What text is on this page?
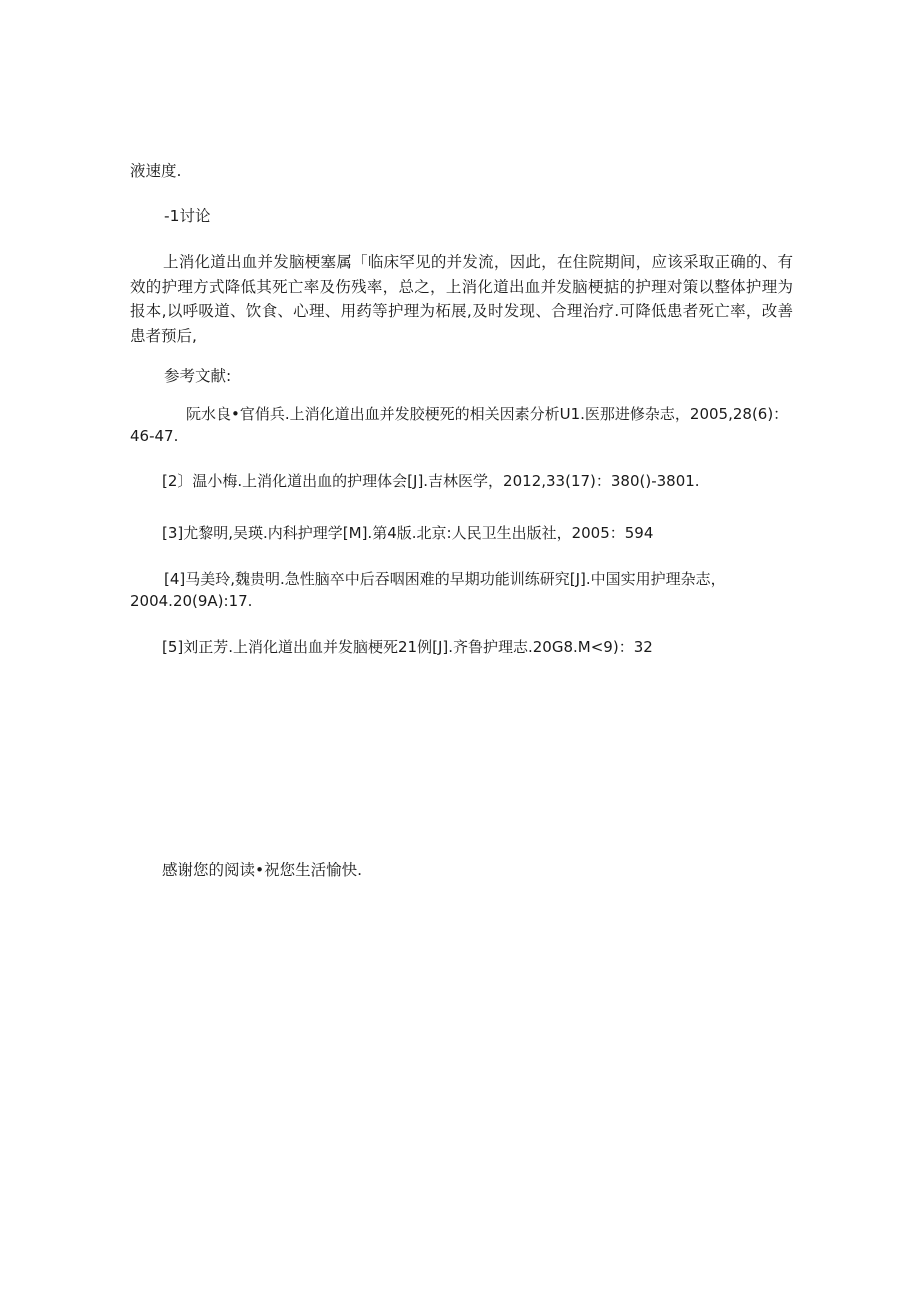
液速度.

-1讨论

上消化道出血并发脑梗塞属「临床罕见的并发流，因此，在住院期间，应该采取正确的、有效的护理方式降低其死亡率及伤残率，总之，上消化道出血并发脑梗掂的护理对策以整体护理为报本,以呼吸道、饮食、心理、用药等护理为柘展,及时发现、合理治疗.可降低患者死亡率，改善患者预后,

参考文献:

阮水良•官俏兵.上消化道出血并发胶梗死的相关因素分析U1.医那进修杂志，2005,28(6)：46-47.

[2〕温小梅.上消化道出血的护理体会[J].吉林医学，2012,33(17)：380()-3801.

[3]尤黎明,吴瑛.内科护理学[M].第4版.北京:人民卫生出版社，2005：594

[4]马美玲,魏贵明.急性脑卒中后吞咽困难的早期功能训练研究[J].中国实用护理杂志，2004.20(9A):17.

[5]刘正芳.上消化道出血并发脑梗死21例[J].齐鲁护理志.20G8.M<9)：32

感谢您的阅读•祝您生活愉快.
